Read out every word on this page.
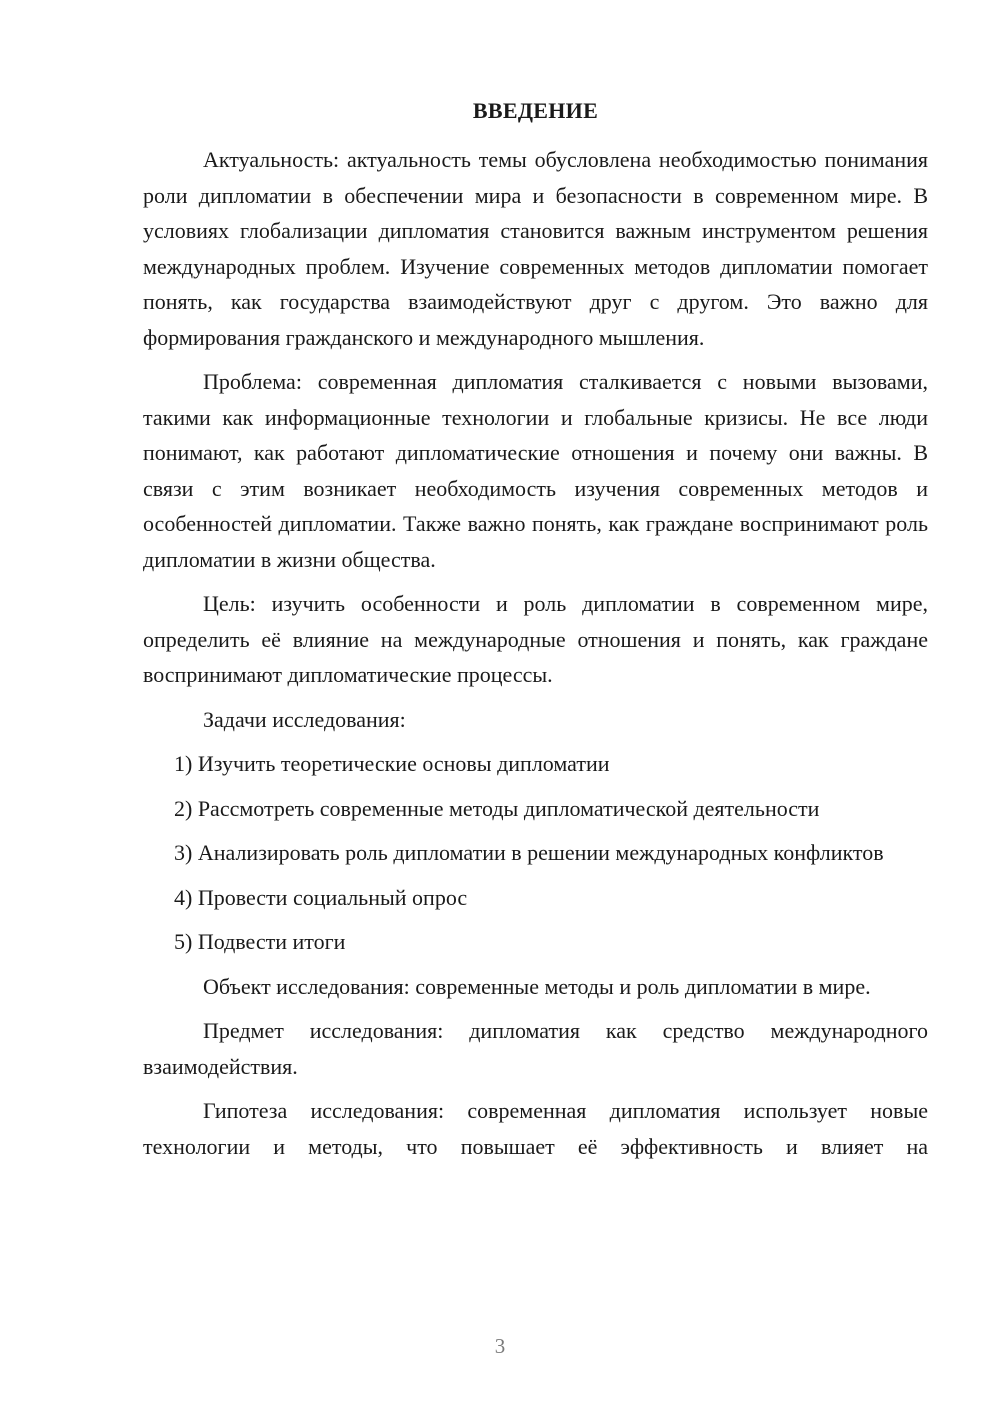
ВВЕДЕНИЕ

Актуальность: актуальность темы обусловлена необходимостью понимания роли дипломатии в обеспечении мира и безопасности в современном мире. В условиях глобализации дипломатия становится важным инструментом решения международных проблем. Изучение современных методов дипломатии помогает понять, как государства взаимодействуют друг с другом. Это важно для формирования гражданского и международного мышления.

Проблема: современная дипломатия сталкивается с новыми вызовами, такими как информационные технологии и глобальные кризисы. Не все люди понимают, как работают дипломатические отношения и почему они важны. В связи с этим возникает необходимость изучения современных методов и особенностей дипломатии. Также важно понять, как граждане воспринимают роль дипломатии в жизни общества.

Цель: изучить особенности и роль дипломатии в современном мире, определить её влияние на международные отношения и понять, как граждане воспринимают дипломатические процессы.

Задачи исследования:

1) Изучить теоретические основы дипломатии

2) Рассмотреть современные методы дипломатической деятельности

3) Анализировать роль дипломатии в решении международных конфликтов

4) Провести социальный опрос

5) Подвести итоги

Объект исследования: современные методы и роль дипломатии в мире.

Предмет исследования: дипломатия как средство международного взаимодействия.

Гипотеза исследования: современная дипломатия использует новые технологии и методы, что повышает её эффективность и влияет на

3
